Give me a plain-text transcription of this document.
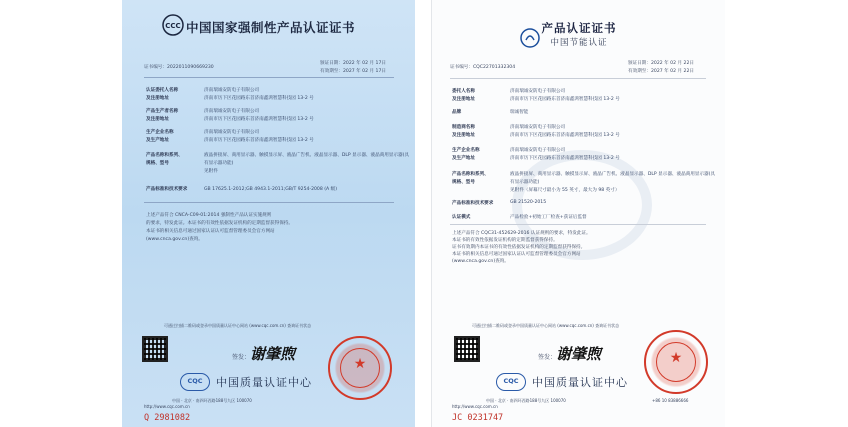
CCC 中国国家强制性产品认证证书
证书编号：2022011090669230
颁证日期：2022 年 02 月 17日
有效期至：2027 年 02 月 17日
认证委托人名称	济南瑞诚安防电子有限公司
及注册地址	济南市历下区花园路东首济南鑫鸿智慧科技园 13-2 号
产品生产者名称	济南瑞诚安防电子有限公司
及注册地址	济南市历下区花园路东首济南鑫鸿智慧科技园 13-2 号
生产企业名称	济南瑞诚安防电子有限公司
及生产地址	济南市历下区花园路东首济南鑫鸿智慧科技园 13-2 号
产品名称和系列、	液晶拼接屏、商用显示器、触摸显示屏、液晶广告机、液晶显示器、DLP 显示器、液晶商用显示器(具
规格、型号	有显示器功能)
见附件
产品标准和技术要求	GB 17625.1-2012;GB 4943.1-2011;GB/T 9254-2008 (A 级)
上述产品符合 CNCA-C09-01:2014 强制性产品认证实施规则
的要求，特发此证。本证书的有效性依据发证机构的定期监督获得保持。
本证书的相关信息可通过国家认证认可监督管理委员会官方网站
(www.cnca.gov.cn)查询。
可通过扫描二维码或登录中国质量认证中心网站 (www.cqc.com.cn) 查询证书状态
签发： 谢肇煦
★
CQC	中国质量认证中心
中国 · 北京 · 南四环西路188号九区 100070
http://www.cqc.com.cn
Q 2981082
产品认证证书
中国节能认证
证书编号：CQC22701332304
颁证日期：2022 年 02 月 22日
有效期至：2027 年 02 月 22日
委托人名称	济南瑞诚安防电子有限公司
及注册地址	济南市历下区花园路东首济南鑫鸿智慧科技园 13-2 号
品牌	瑞诚智能
制造商名称	济南瑞诚安防电子有限公司
及注册地址	济南市历下区花园路东首济南鑫鸿智慧科技园 13-2 号
生产企业名称	济南瑞诚安防电子有限公司
及生产地址	济南市历下区花园路东首济南鑫鸿智慧科技园 13-2 号
产品名称和系列、	液晶拼接屏、商用显示器、触摸显示屏、液晶广告机、液晶显示器、DLP 显示器、液晶商用显示器(具
规格、型号	有显示器功能)
见附件（屏幕尺寸最小为 55 英寸，最大为 98 英寸）
产品标准和技术要求	GB 21520-2015
认证模式	产品检验+初始工厂检查+获证后监督
上述产品符合 CQC31-452629-2016 认证规则的要求，特发此证。
本证书的有效性依据发证机构的定期监督获得保持。
证书有效期内本证书的有效性依据发证机构的定期监督获得保持。
本证书的相关信息可通过国家认证认可监督管理委员会官方网站
(www.cnca.gov.cn)查询。
可通过扫描二维码或登录中国质量认证中心网站 (www.cqc.com.cn) 查询证书状态
签发： 谢肇煦	★
CQC	中国质量认证中心
中国 · 北京 · 南四环西路188号九区 100070	+86 10 83886666
http://www.cqc.com.cn
JC 0231747
